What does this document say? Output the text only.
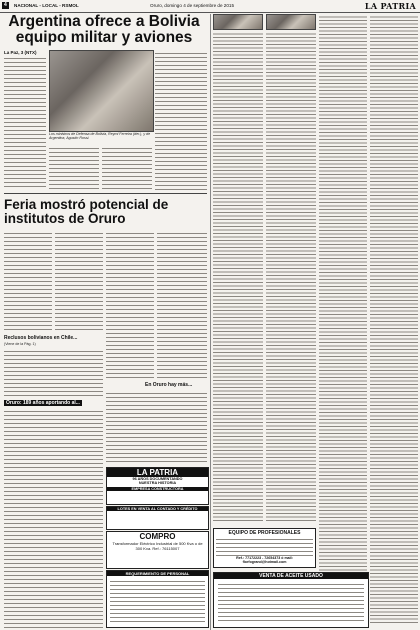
4	NACIONAL - LOCAL - RSMOL	Oruro, domingo 4 de septiembre de 2015	LA PATRIA
Argentina ofrece a Bolivia equipo militar y aviones
La Paz, 3 (NTX)
Los ministros de Defensa de Bolivia, Reymi Ferreira (der.), y de Argentina, Agustín Rossi.
Feria mostró potencial de institutos de Oruro
Reclusos bolivianos en Chile...
(Viene de la Pág. 1)
Oruro: 189 años aportando al...
En Oruro hay más...
LA PATRIA
96 AÑOS DOCUMENTANDO
NUESTRA HISTORIA
EMPRESA CONSTRUCTORA
LOTES EN VENTA AL CONTADO Y CRÉDITO
COMPRO
Transformador Eléctrico Industrial de 500 Kva o de 300 Kva. Ref.: 76115007
REQUERIMIENTO DE PERSONAL
EQUIPO DE PROFESIONALES
Ref.: 77172223 - 72654373 ó mail: florfogrand@hotmail.com
VENTA DE ACEITE USADO
